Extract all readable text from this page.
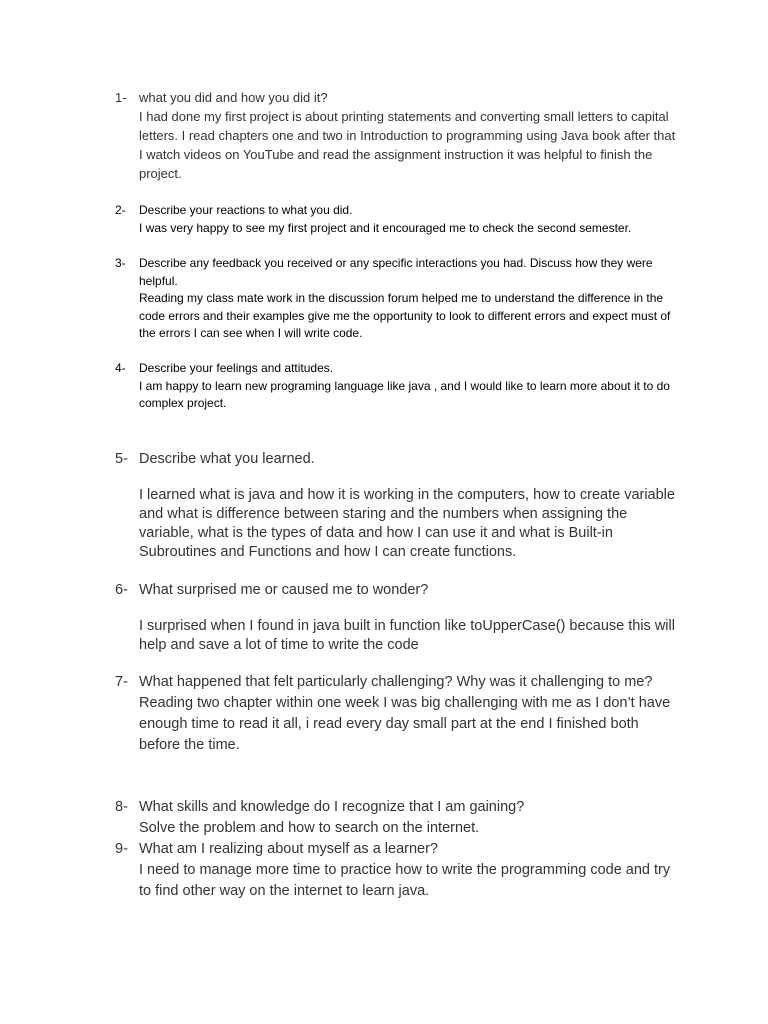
1- what you did and how you did it?
I had done my first project is about printing statements and converting small letters to capital letters. I read chapters one and two in Introduction to programming using Java book after that I watch videos on YouTube and read the assignment instruction it was helpful to finish the project.
2- Describe your reactions to what you did.
I was very happy to see my first project and it encouraged me to check the second semester.
3- Describe any feedback you received or any specific interactions you had. Discuss how they were helpful.
Reading my class mate work in the discussion forum helped me to understand the difference in the code errors and their examples give me the opportunity to look to different errors and expect must of the errors I can see when I will write code.
4- Describe your feelings and attitudes.
I am happy to learn new programing language like java , and I would like to learn more about it to do complex project.
5- Describe what you learned.
I learned what is java and how it is working in the computers, how to create variable and what is difference between staring and the numbers when assigning the variable, what is the types of data and how I can use it and what is Built-in Subroutines and Functions and how I can create functions.
6- What surprised me or caused me to wonder?
I surprised when I found in java built in function like toUpperCase() because this will help and save a lot of time to write the code
7- What happened that felt particularly challenging? Why was it challenging to me?
Reading two chapter within one week I was big challenging with me as I don’t have enough time to read it all, i read every day small part at the end I finished both before the time.
8- What skills and knowledge do I recognize that I am gaining?
Solve the problem and how to search on the internet.
9- What am I realizing about myself as a learner?
I need to manage more time to practice how to write the programming code and try to find other way on the internet to learn java.
